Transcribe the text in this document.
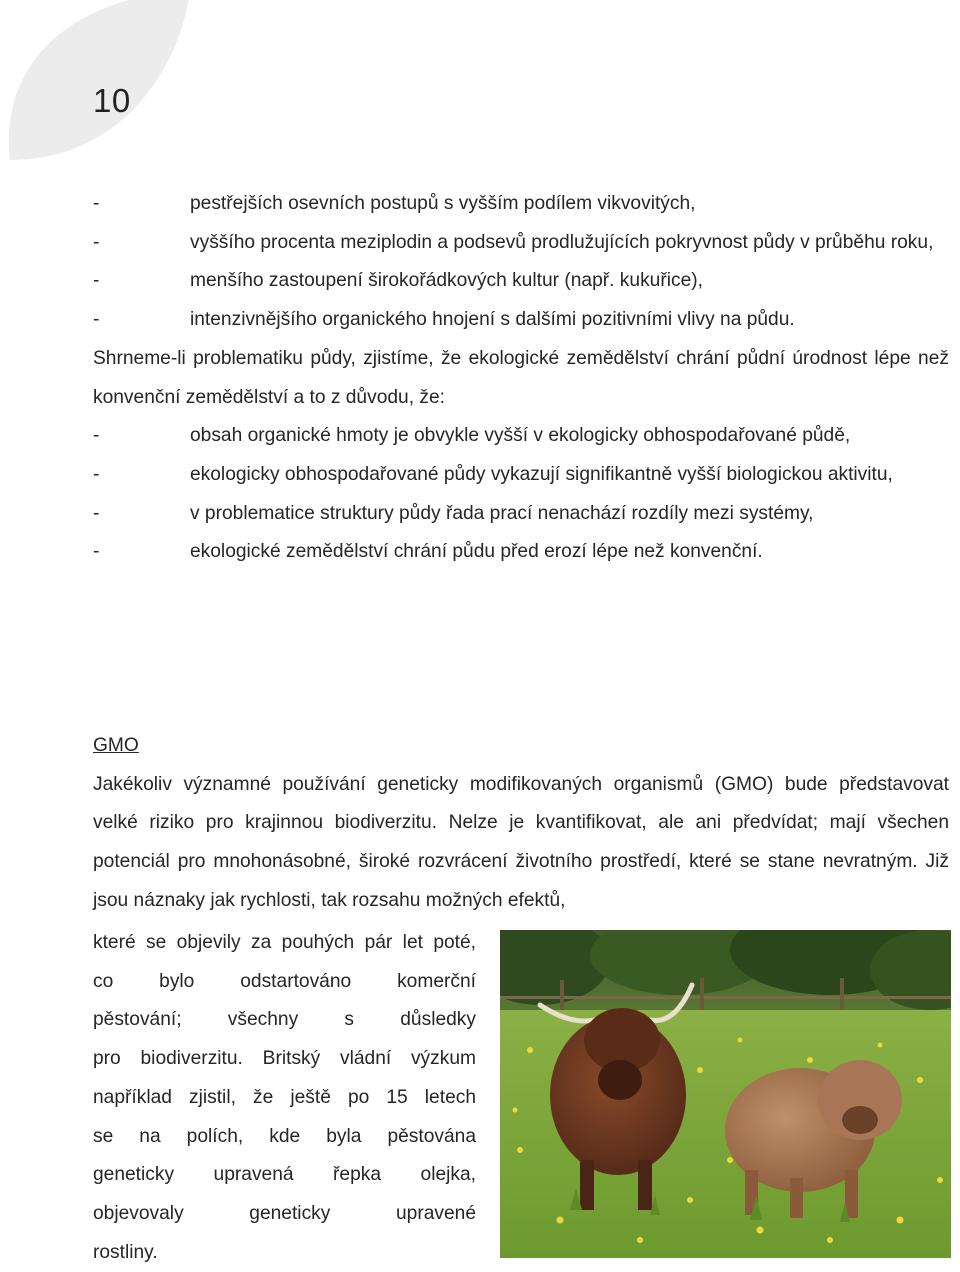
10
-	pestřejších osevních postupů s vyšším podílem vikvovitých,
-	vyššího procenta meziplodin a podsevů prodlužujících pokryvnost půdy v průběhu roku,
-	menšího zastoupení širokořádkových kultur (např. kukuřice),
-	intenzivnějšího organického hnojení s dalšími pozitivními vlivy na půdu.
Shrneme-li problematiku půdy, zjistíme, že ekologické zemědělství chrání půdní úrodnost lépe než konvenční zemědělství a to z důvodu, že:
-	obsah organické hmoty je obvykle vyšší v ekologicky obhospodařované půdě,
-	ekologicky obhospodařované půdy vykazují signifikantně vyšší biologickou aktivitu,
-	v problematice struktury půdy řada prací nenachází rozdíly mezi systémy,
-	ekologické zemědělství chrání půdu před erozí lépe než konvenční.
GMO
Jakékoliv významné používání geneticky modifikovaných organismů (GMO) bude představovat velké riziko pro krajinnou biodiverzitu. Nelze je kvantifikovat, ale ani předvídat; mají všechen potenciál pro mnohonásobné, široké rozvrácení životního prostředí, které se stane nevratným. Již jsou náznaky jak rychlosti, tak rozsahu možných efektů,
které se objevily za pouhých pár let poté,
co bylo odstartováno komerční
pěstování; všechny s důsledky
pro biodiverzitu. Britský vládní výzkum
například zjistil, že ještě po 15 letech
se na polích, kde byla pěstována
geneticky upravená řepka olejka,
objevovaly geneticky upravené
rostliny.
